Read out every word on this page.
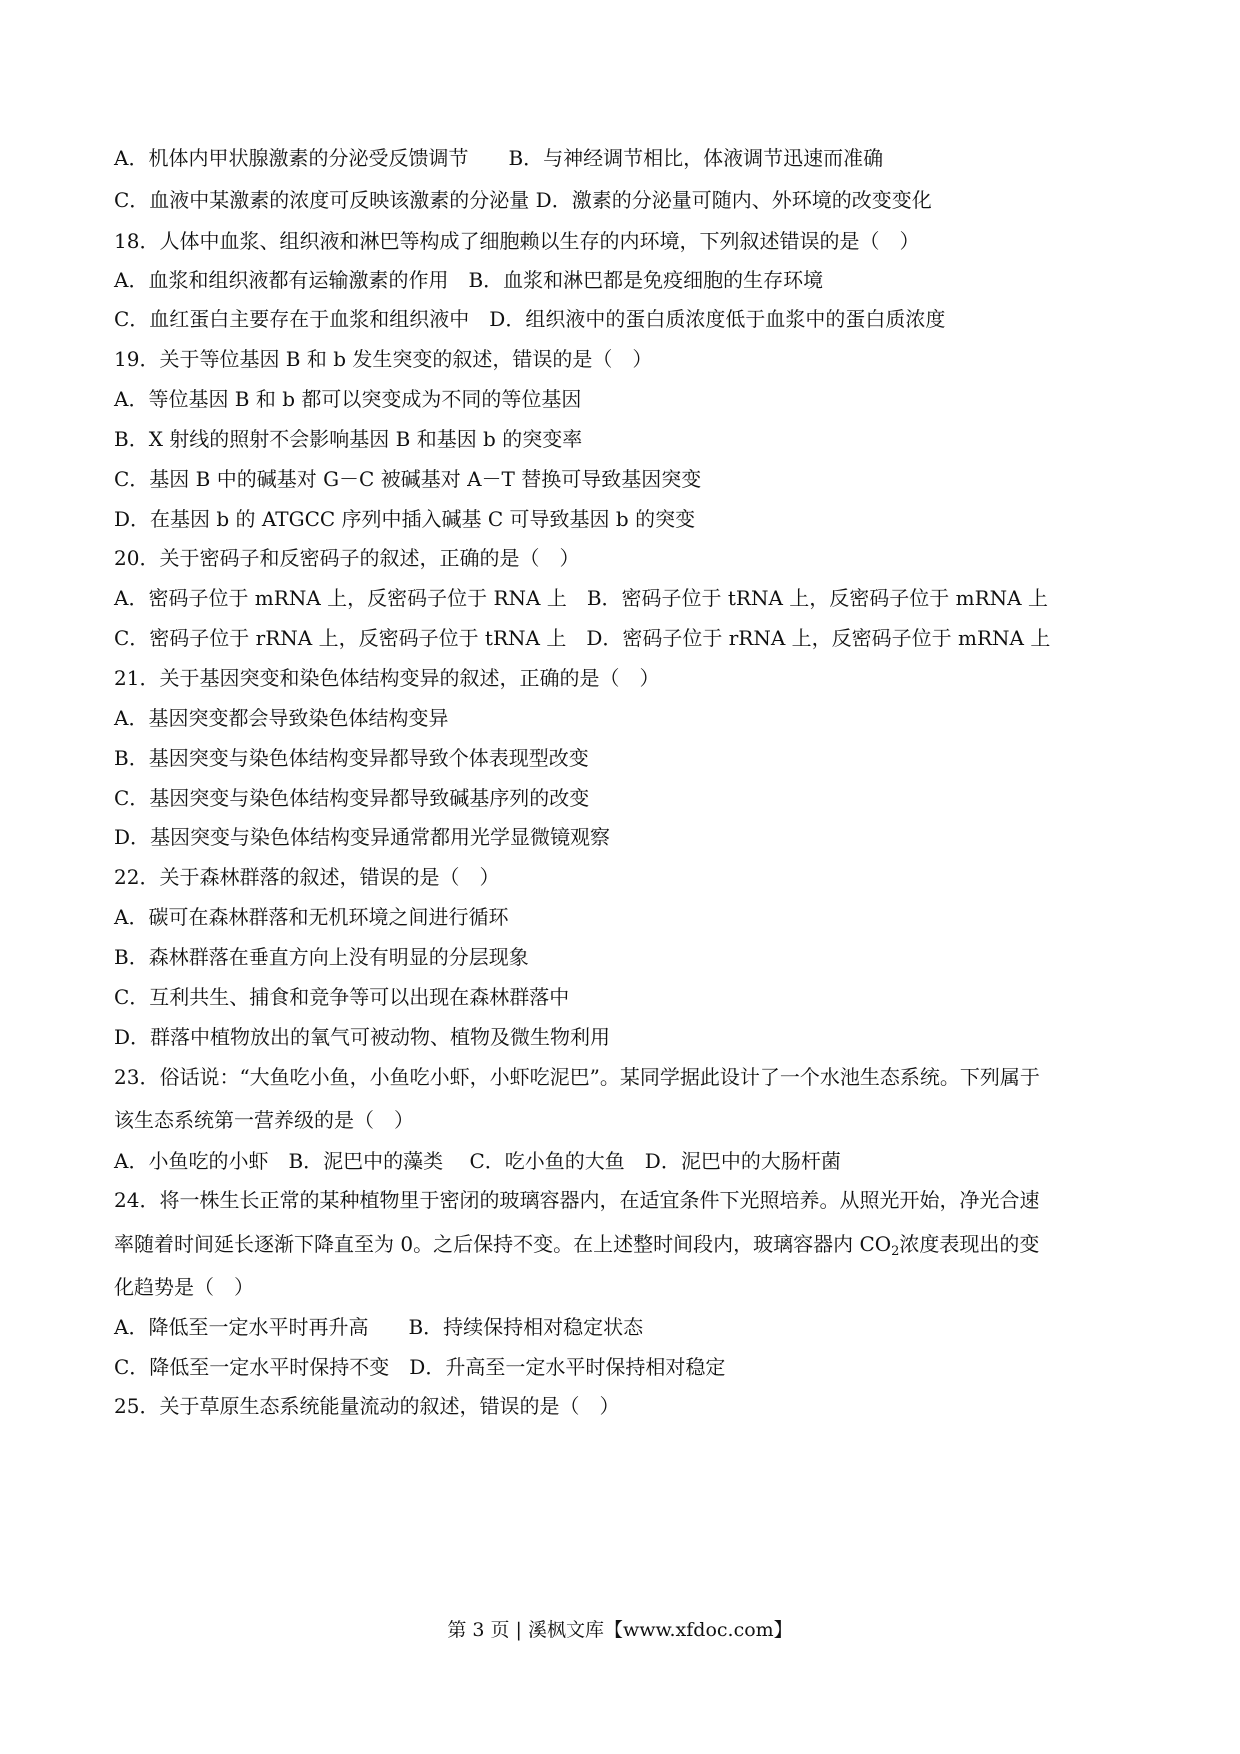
A．机体内甲状腺激素的分泌受反馈调节　　B．与神经调节相比，体液调节迅速而准确
C．血液中某激素的浓度可反映该激素的分泌量 D．激素的分泌量可随内、外环境的改变变化
18．人体中血浆、组织液和淋巴等构成了细胞赖以生存的内环境，下列叙述错误的是（　）
A．血浆和组织液都有运输激素的作用　B．血浆和淋巴都是免疫细胞的生存环境
C．血红蛋白主要存在于血浆和组织液中　D．组织液中的蛋白质浓度低于血浆中的蛋白质浓度
19．关于等位基因 B 和 b 发生突变的叙述，错误的是（　）
A．等位基因 B 和 b 都可以突变成为不同的等位基因
B．X 射线的照射不会影响基因 B 和基因 b 的突变率
C．基因 B 中的碱基对 G－C 被碱基对 A－T 替换可导致基因突变
D．在基因 b 的 ATGCC 序列中插入碱基 C 可导致基因 b 的突变
20．关于密码子和反密码子的叙述，正确的是（　）
A．密码子位于 mRNA 上，反密码子位于 RNA 上　B．密码子位于 tRNA 上，反密码子位于 mRNA 上
C．密码子位于 rRNA 上，反密码子位于 tRNA 上　D．密码子位于 rRNA 上，反密码子位于 mRNA 上
21．关于基因突变和染色体结构变异的叙述，正确的是（　）
A．基因突变都会导致染色体结构变异
B．基因突变与染色体结构变异都导致个体表现型改变
C．基因突变与染色体结构变异都导致碱基序列的改变
D．基因突变与染色体结构变异通常都用光学显微镜观察
22．关于森林群落的叙述，错误的是（　）
A．碳可在森林群落和无机环境之间进行循环
B．森林群落在垂直方向上没有明显的分层现象
C．互利共生、捕食和竞争等可以出现在森林群落中
D．群落中植物放出的氧气可被动物、植物及微生物利用
23．俗话说：“大鱼吃小鱼，小鱼吃小虾，小虾吃泥巴”。某同学据此设计了一个水池生态系统。下列属于
该生态系统第一营养级的是（　）
A．小鱼吃的小虾　B．泥巴中的藻类　 C．吃小鱼的大鱼　D．泥巴中的大肠杆菌
24．将一株生长正常的某种植物里于密闭的玻璃容器内，在适宜条件下光照培养。从照光开始，净光合速
率随着时间延长逐渐下降直至为 0。之后保持不变。在上述整时间段内，玻璃容器内 $CO_2$浓度表现出的变
化趋势是（　）
A．降低至一定水平时再升高　　B．持续保持相对稳定状态
C．降低至一定水平时保持不变　D．升高至一定水平时保持相对稳定
25．关于草原生态系统能量流动的叙述，错误的是（　）
第 3 页 | 溪枫文库【www.xfdoc.com】
